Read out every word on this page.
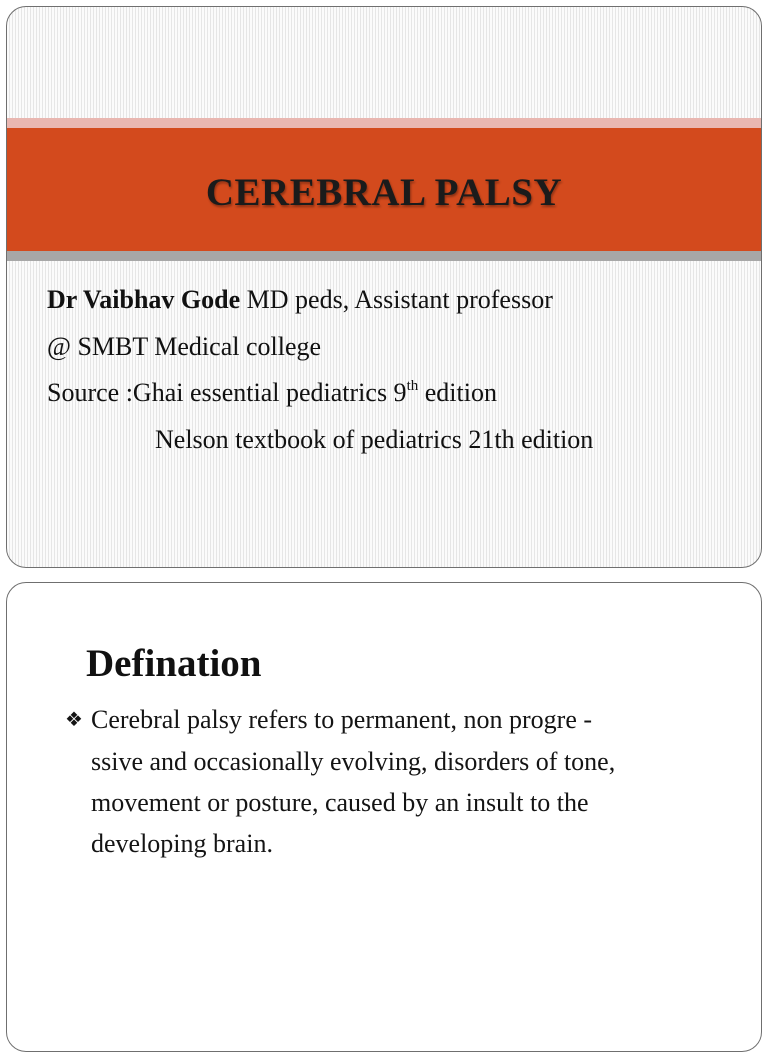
CEREBRAL PALSY
Dr Vaibhav Gode MD peds, Assistant professor
@ SMBT Medical college
Source :Ghai essential pediatrics 9th edition
Nelson textbook of pediatrics 21th edition
Defination
❖ Cerebral palsy refers to permanent, non progre -
ssive and occasionally evolving, disorders of tone,
movement or posture, caused by an insult to the
developing brain.
